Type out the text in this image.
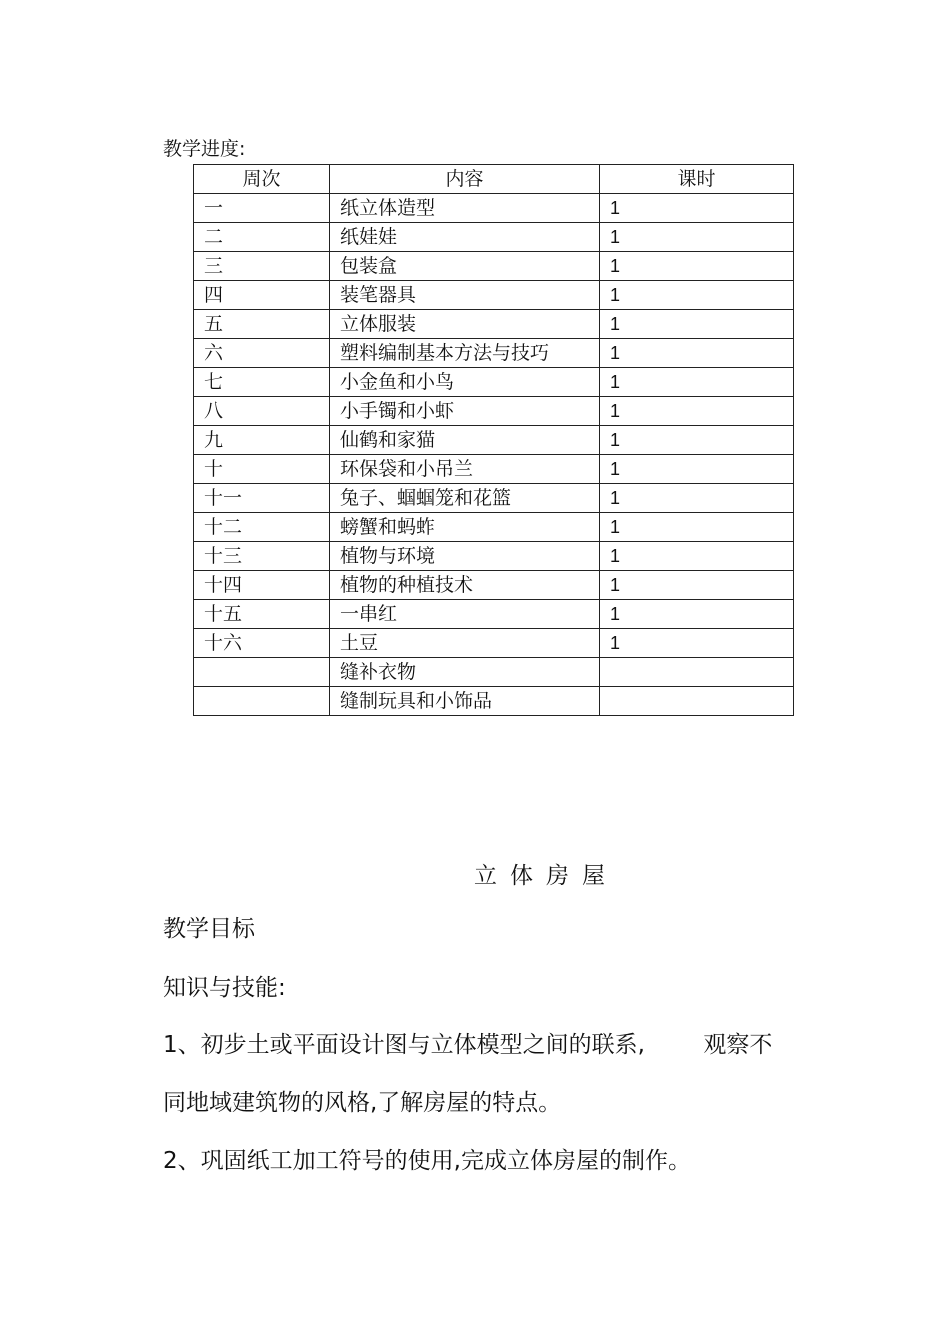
教学进度:
周次	内容	课时
一	纸立体造型	1
二	纸娃娃	1
三	包装盒	1
四	装笔器具	1
五	立体服装	1
六	塑料编制基本方法与技巧	1
七	小金鱼和小鸟	1
八	小手镯和小虾	1
九	仙鹤和家猫	1
十	环保袋和小吊兰	1
十一	兔子、蝈蝈笼和花篮	1
十二	螃蟹和蚂蚱	1
十三	植物与环境	1
十四	植物的种植技术	1
十五	一串红	1
十六	土豆	1
	缝补衣物	
	缝制玩具和小饰品	
立体房屋
教学目标
知识与技能:
1、初步土或平面设计图与立体模型之间的联系,        观察不
同地域建筑物的风格,了解房屋的特点。
2、巩固纸工加工符号的使用,完成立体房屋的制作。
